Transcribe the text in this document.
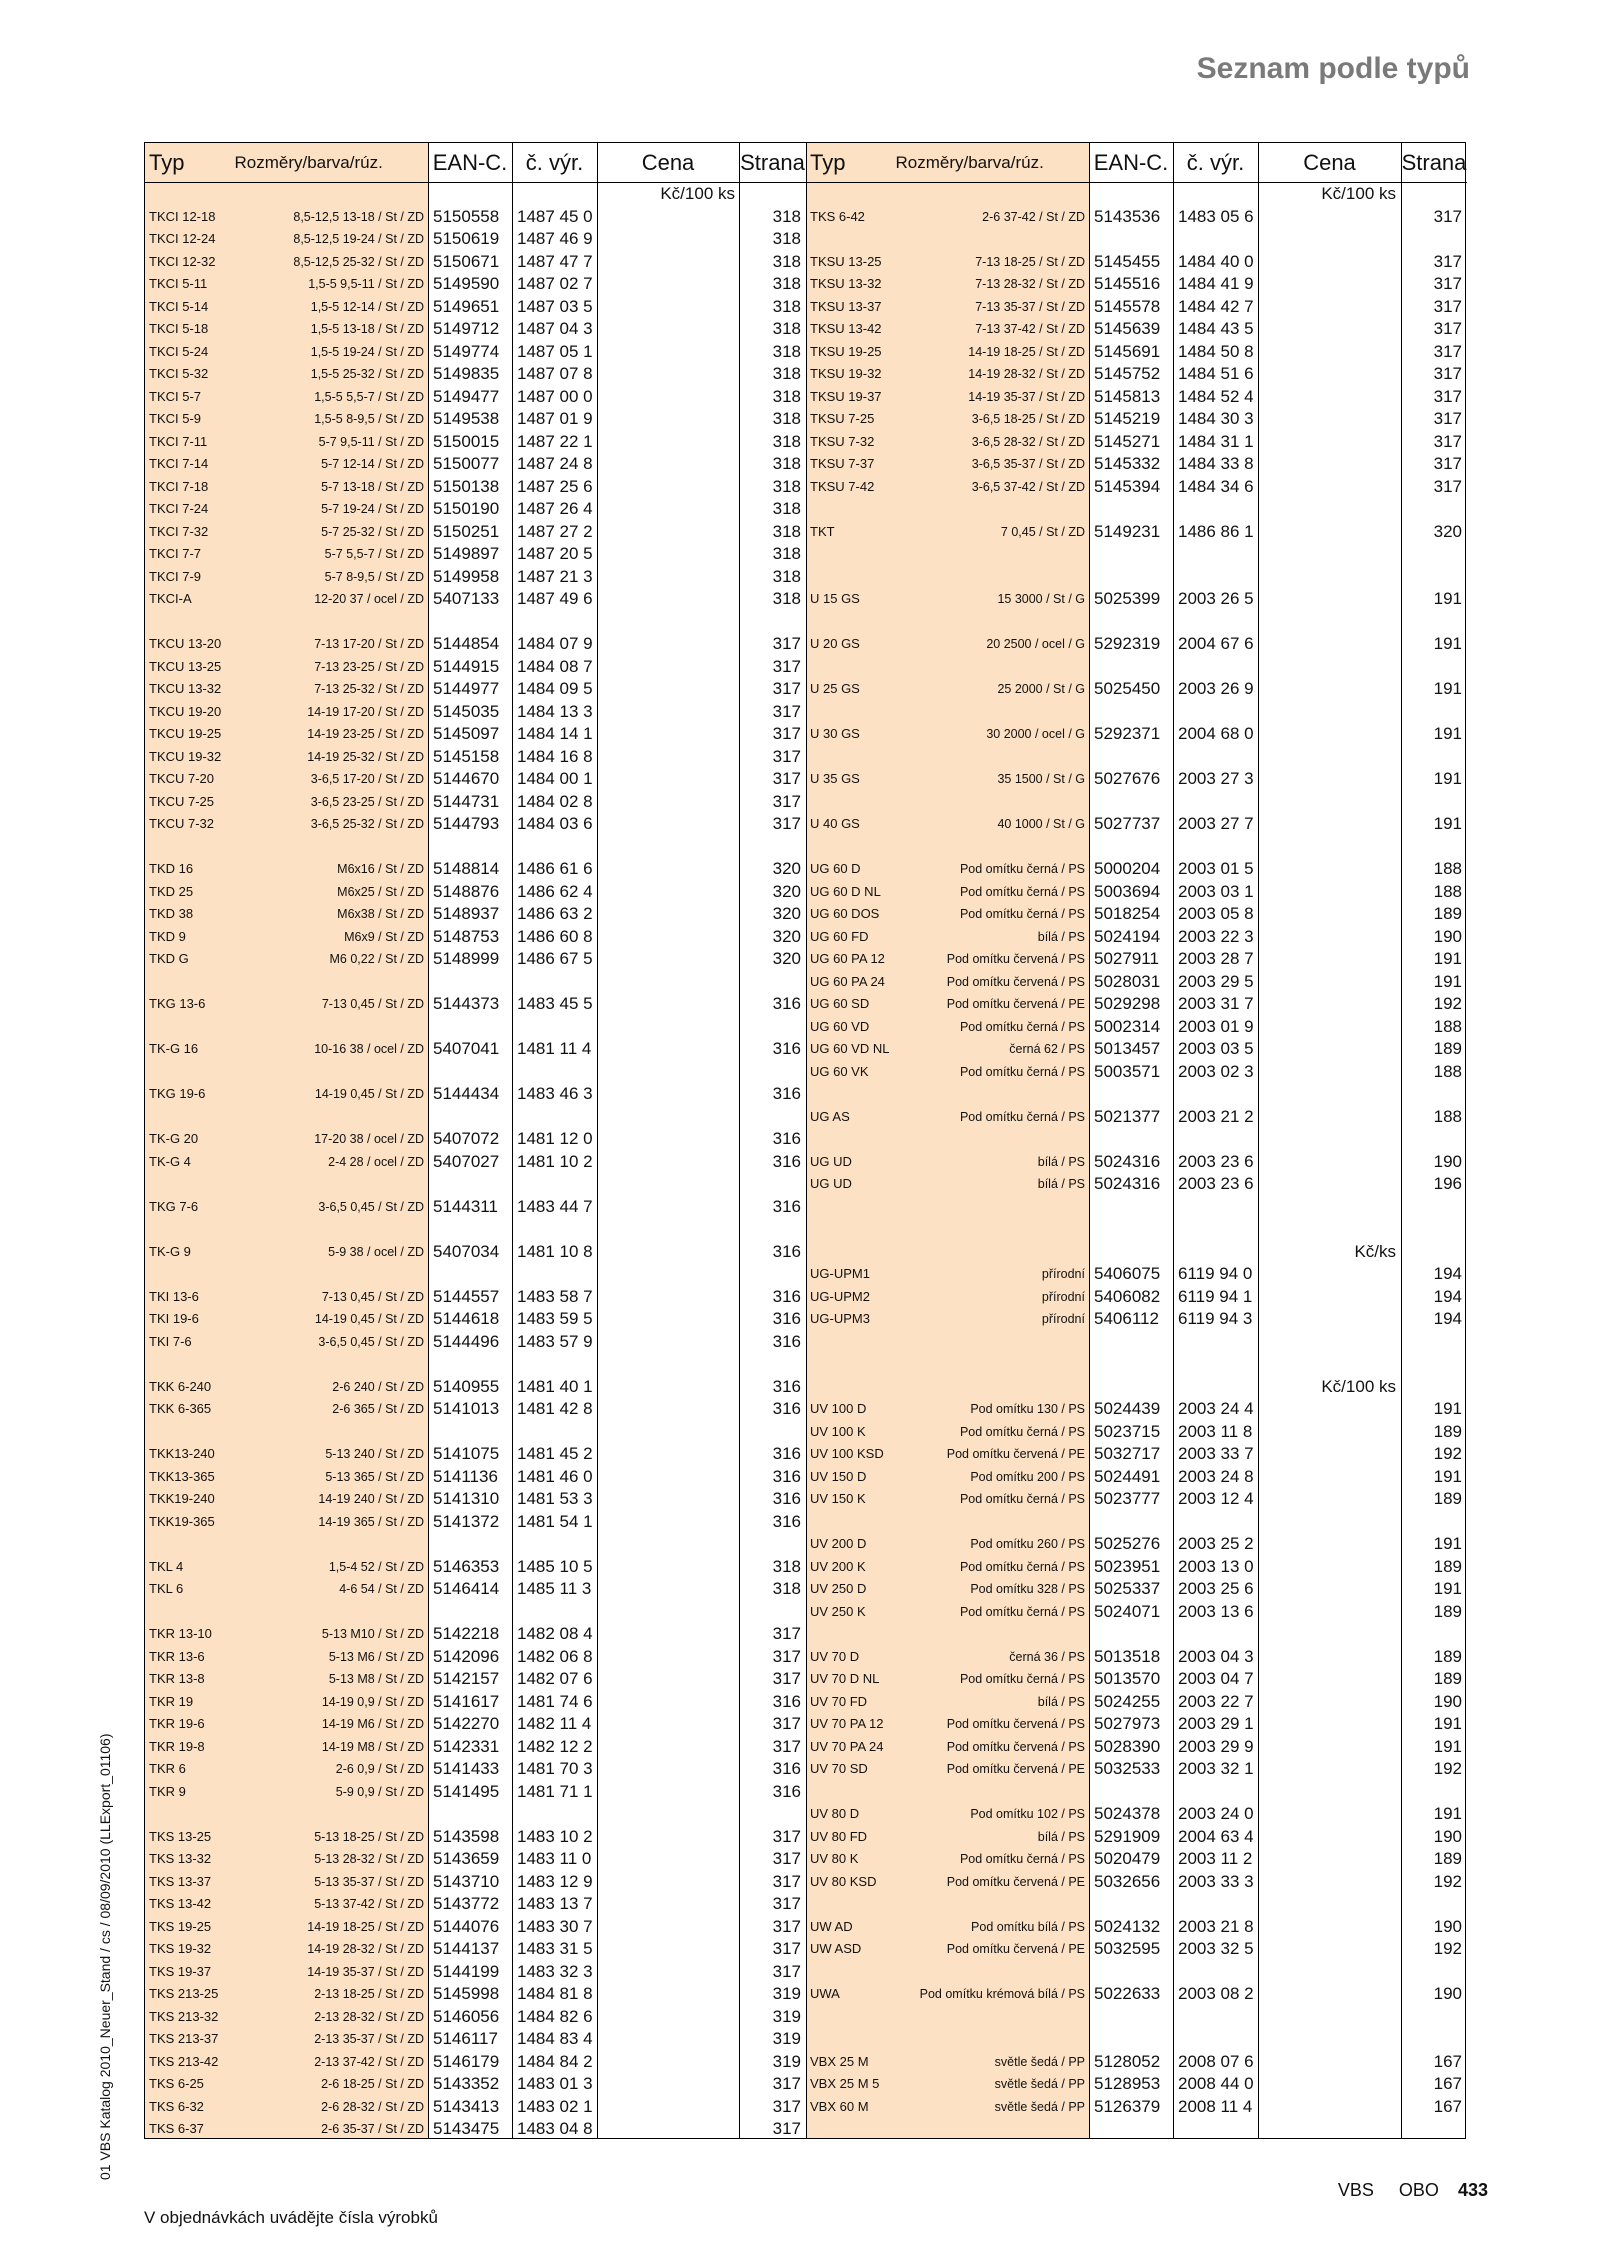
Seznam podle typů
01 VBS Katalog 2010_Neuer_Stand / cs / 08/09/2010 (LLExport_01106)
Typ	Rozměry/barva/rúz. EAN-C. č. výr.	Cena	Strana Typ	Rozměry/barva/rúz. EAN-C. č. výr.	Cena	Strana
Kč/100 ks
TKCI 12-18	8,5-12,5 13-18 / St / ZD 5150558 1487 45 0	318
TKCI 12-24	8,5-12,5 19-24 / St / ZD 5150619 1487 46 9	318
TKCI 12-32	8,5-12,5 25-32 / St / ZD 5150671 1487 47 7	318
TKCI 5-11	1,5-5 9,5-11 / St / ZD 5149590 1487 02 7	318
TKCI 5-14	1,5-5 12-14 / St / ZD 5149651 1487 03 5	318
TKCI 5-18	1,5-5 13-18 / St / ZD 5149712 1487 04 3	318
TKCI 5-24	1,5-5 19-24 / St / ZD 5149774 1487 05 1	318
TKCI 5-32	1,5-5 25-32 / St / ZD 5149835 1487 07 8	318
TKCI 5-7	1,5-5 5,5-7 / St / ZD 5149477 1487 00 0	318
TKCI 5-9	1,5-5 8-9,5 / St / ZD 5149538 1487 01 9	318
TKCI 7-11	5-7 9,5-11 / St / ZD 5150015 1487 22 1	318
TKCI 7-14	5-7 12-14 / St / ZD 5150077 1487 24 8	318
TKCI 7-18	5-7 13-18 / St / ZD 5150138 1487 25 6	318
TKCI 7-24	5-7 19-24 / St / ZD 5150190 1487 26 4	318
TKCI 7-32	5-7 25-32 / St / ZD 5150251 1487 27 2	318
TKCI 7-7	5-7 5,5-7 / St / ZD 5149897 1487 20 5	318
TKCI 7-9	5-7 8-9,5 / St / ZD 5149958 1487 21 3	318
TKCI-A	12-20 37 / ocel / ZD 5407133 1487 49 6	318
TKCU 13-20	7-13 17-20 / St / ZD 5144854 1484 07 9	317
TKCU 13-25	7-13 23-25 / St / ZD 5144915 1484 08 7	317
TKCU 13-32	7-13 25-32 / St / ZD 5144977 1484 09 5	317
TKCU 19-20	14-19 17-20 / St / ZD 5145035 1484 13 3	317
TKCU 19-25	14-19 23-25 / St / ZD 5145097 1484 14 1	317
TKCU 19-32	14-19 25-32 / St / ZD 5145158 1484 16 8	317
TKCU 7-20	3-6,5 17-20 / St / ZD 5144670 1484 00 1	317
TKCU 7-25	3-6,5 23-25 / St / ZD 5144731 1484 02 8	317
TKCU 7-32	3-6,5 25-32 / St / ZD 5144793 1484 03 6	317
TKD 16	M6x16 / St / ZD 5148814 1486 61 6	320
TKD 25	M6x25 / St / ZD 5148876 1486 62 4	320
TKD 38	M6x38 / St / ZD 5148937 1486 63 2	320
TKD 9	M6x9 / St / ZD 5148753 1486 60 8	320
TKD G	M6 0,22 / St / ZD 5148999 1486 67 5	320
TKG 13-6	7-13 0,45 / St / ZD 5144373 1483 45 5	316
TK-G 16	10-16 38 / ocel / ZD 5407041 1481 11 4	316
TKG 19-6	14-19 0,45 / St / ZD 5144434 1483 46 3	316
TK-G 20	17-20 38 / ocel / ZD 5407072 1481 12 0	316
TK-G 4	2-4 28 / ocel / ZD 5407027 1481 10 2	316
TKG 7-6	3-6,5 0,45 / St / ZD 5144311 1483 44 7	316
TK-G 9	5-9 38 / ocel / ZD 5407034 1481 10 8	316
TKI 13-6	7-13 0,45 / St / ZD 5144557 1483 58 7	316
TKI 19-6	14-19 0,45 / St / ZD 5144618 1483 59 5	316
TKI 7-6	3-6,5 0,45 / St / ZD 5144496 1483 57 9	316
TKK 6-240	2-6 240 / St / ZD 5140955 1481 40 1	316
TKK 6-365	2-6 365 / St / ZD 5141013 1481 42 8	316
TKK13-240	5-13 240 / St / ZD 5141075 1481 45 2	316
TKK13-365	5-13 365 / St / ZD 5141136 1481 46 0	316
TKK19-240	14-19 240 / St / ZD 5141310 1481 53 3	316
TKK19-365	14-19 365 / St / ZD 5141372 1481 54 1	316
TKL 4	1,5-4 52 / St / ZD 5146353 1485 10 5	318
TKL 6	4-6 54 / St / ZD 5146414 1485 11 3	318
TKR 13-10	5-13 M10 / St / ZD 5142218 1482 08 4	317
TKR 13-6	5-13 M6 / St / ZD 5142096 1482 06 8	317
TKR 13-8	5-13 M8 / St / ZD 5142157 1482 07 6	317
TKR 19	14-19 0,9 / St / ZD 5141617 1481 74 6	316
TKR 19-6	14-19 M6 / St / ZD 5142270 1482 11 4	317
TKR 19-8	14-19 M8 / St / ZD 5142331 1482 12 2	317
TKR 6	2-6 0,9 / St / ZD 5141433 1481 70 3	316
TKR 9	5-9 0,9 / St / ZD 5141495 1481 71 1	316
TKS 13-25	5-13 18-25 / St / ZD 5143598 1483 10 2	317
TKS 13-32	5-13 28-32 / St / ZD 5143659 1483 11 0	317
TKS 13-37	5-13 35-37 / St / ZD 5143710 1483 12 9	317
TKS 13-42	5-13 37-42 / St / ZD 5143772 1483 13 7	317
TKS 19-25	14-19 18-25 / St / ZD 5144076 1483 30 7	317
TKS 19-32	14-19 28-32 / St / ZD 5144137 1483 31 5	317
TKS 19-37	14-19 35-37 / St / ZD 5144199 1483 32 3	317
TKS 213-25	2-13 18-25 / St / ZD 5145998 1484 81 8	319
TKS 213-32	2-13 28-32 / St / ZD 5146056 1484 82 6	319
TKS 213-37	2-13 35-37 / St / ZD 5146117 1484 83 4	319
TKS 213-42	2-13 37-42 / St / ZD 5146179 1484 84 2	319
TKS 6-25	2-6 18-25 / St / ZD 5143352 1483 01 3	317
TKS 6-32	2-6 28-32 / St / ZD 5143413 1483 02 1	317
TKS 6-37	2-6 35-37 / St / ZD 5143475 1483 04 8	317
Kč/100 ks
TKS 6-42	2-6 37-42 / St / ZD 5143536 1483 05 6	317
TKSU 13-25	7-13 18-25 / St / ZD 5145455 1484 40 0	317
TKSU 13-32	7-13 28-32 / St / ZD 5145516 1484 41 9	317
TKSU 13-37	7-13 35-37 / St / ZD 5145578 1484 42 7	317
TKSU 13-42	7-13 37-42 / St / ZD 5145639 1484 43 5	317
TKSU 19-25	14-19 18-25 / St / ZD 5145691 1484 50 8	317
TKSU 19-32	14-19 28-32 / St / ZD 5145752 1484 51 6	317
TKSU 19-37	14-19 35-37 / St / ZD 5145813 1484 52 4	317
TKSU 7-25	3-6,5 18-25 / St / ZD 5145219 1484 30 3	317
TKSU 7-32	3-6,5 28-32 / St / ZD 5145271 1484 31 1	317
TKSU 7-37	3-6,5 35-37 / St / ZD 5145332 1484 33 8	317
TKSU 7-42	3-6,5 37-42 / St / ZD 5145394 1484 34 6	317
TKT	7 0,45 / St / ZD 5149231 1486 86 1	320
U 15 GS	15 3000 / St / G 5025399 2003 26 5	191
U 20 GS	20 2500 / ocel / G 5292319 2004 67 6	191
U 25 GS	25 2000 / St / G 5025450 2003 26 9	191
U 30 GS	30 2000 / ocel / G 5292371 2004 68 0	191
U 35 GS	35 1500 / St / G 5027676 2003 27 3	191
U 40 GS	40 1000 / St / G 5027737 2003 27 7	191
UG 60 D	Pod omítku černá / PS 5000204 2003 01 5	188
UG 60 D NL	Pod omítku černá / PS 5003694 2003 03 1	188
UG 60 DOS	Pod omítku černá / PS 5018254 2003 05 8	189
UG 60 FD	bílá / PS 5024194 2003 22 3	190
UG 60 PA 12	Pod omítku červená / PS 5027911 2003 28 7	191
UG 60 PA 24	Pod omítku červená / PS 5028031 2003 29 5	191
UG 60 SD	Pod omítku červená / PE 5029298 2003 31 7	192
UG 60 VD	Pod omítku černá / PS 5002314 2003 01 9	188
UG 60 VD NL	černá 62 / PS 5013457 2003 03 5	189
UG 60 VK	Pod omítku černá / PS 5003571 2003 02 3	188
UG AS	Pod omítku černá / PS 5021377 2003 21 2	188
UG UD	bílá / PS 5024316 2003 23 6	190
UG UD	bílá / PS 5024316 2003 23 6	196
Kč/ks
UG-UPM1	přírodní 5406075 6119 94 0	194
UG-UPM2	přírodní 5406082 6119 94 1	194
UG-UPM3	přírodní 5406112 6119 94 3	194
Kč/100 ks
UV 100 D	Pod omítku 130 / PS 5024439 2003 24 4	191
UV 100 K	Pod omítku černá / PS 5023715 2003 11 8	189
UV 100 KSD	Pod omítku červená / PE 5032717 2003 33 7	192
UV 150 D	Pod omítku 200 / PS 5024491 2003 24 8	191
UV 150 K	Pod omítku černá / PS 5023777 2003 12 4	189
UV 200 D	Pod omítku 260 / PS 5025276 2003 25 2	191
UV 200 K	Pod omítku černá / PS 5023951 2003 13 0	189
UV 250 D	Pod omítku 328 / PS 5025337 2003 25 6	191
UV 250 K	Pod omítku černá / PS 5024071 2003 13 6	189
UV 70 D	černá 36 / PS 5013518 2003 04 3	189
UV 70 D NL	Pod omítku černá / PS 5013570 2003 04 7	189
UV 70 FD	bílá / PS 5024255 2003 22 7	190
UV 70 PA 12	Pod omítku červená / PS 5027973 2003 29 1	191
UV 70 PA 24	Pod omítku červená / PS 5028390 2003 29 9	191
UV 70 SD	Pod omítku červená / PE 5032533 2003 32 1	192
UV 80 D	Pod omítku 102 / PS 5024378 2003 24 0	191
UV 80 FD	bílá / PS 5291909 2004 63 4	190
UV 80 K	Pod omítku černá / PS 5020479 2003 11 2	189
UV 80 KSD	Pod omítku červená / PE 5032656 2003 33 3	192
UW AD	Pod omítku bílá / PS 5024132 2003 21 8	190
UW ASD	Pod omítku červená / PE 5032595 2003 32 5	192
UWA	Pod omítku krémová bílá / PS 5022633 2003 08 2	190
VBX 25 M	světle šedá / PP 5128052 2008 07 6	167
VBX 25 M 5	světle šedá / PP 5128953 2008 44 0	167
VBX 60 M	světle šedá / PP 5126379 2008 11 4	167
V objednávkách uvádějte čísla výrobků
VBS OBO 433
